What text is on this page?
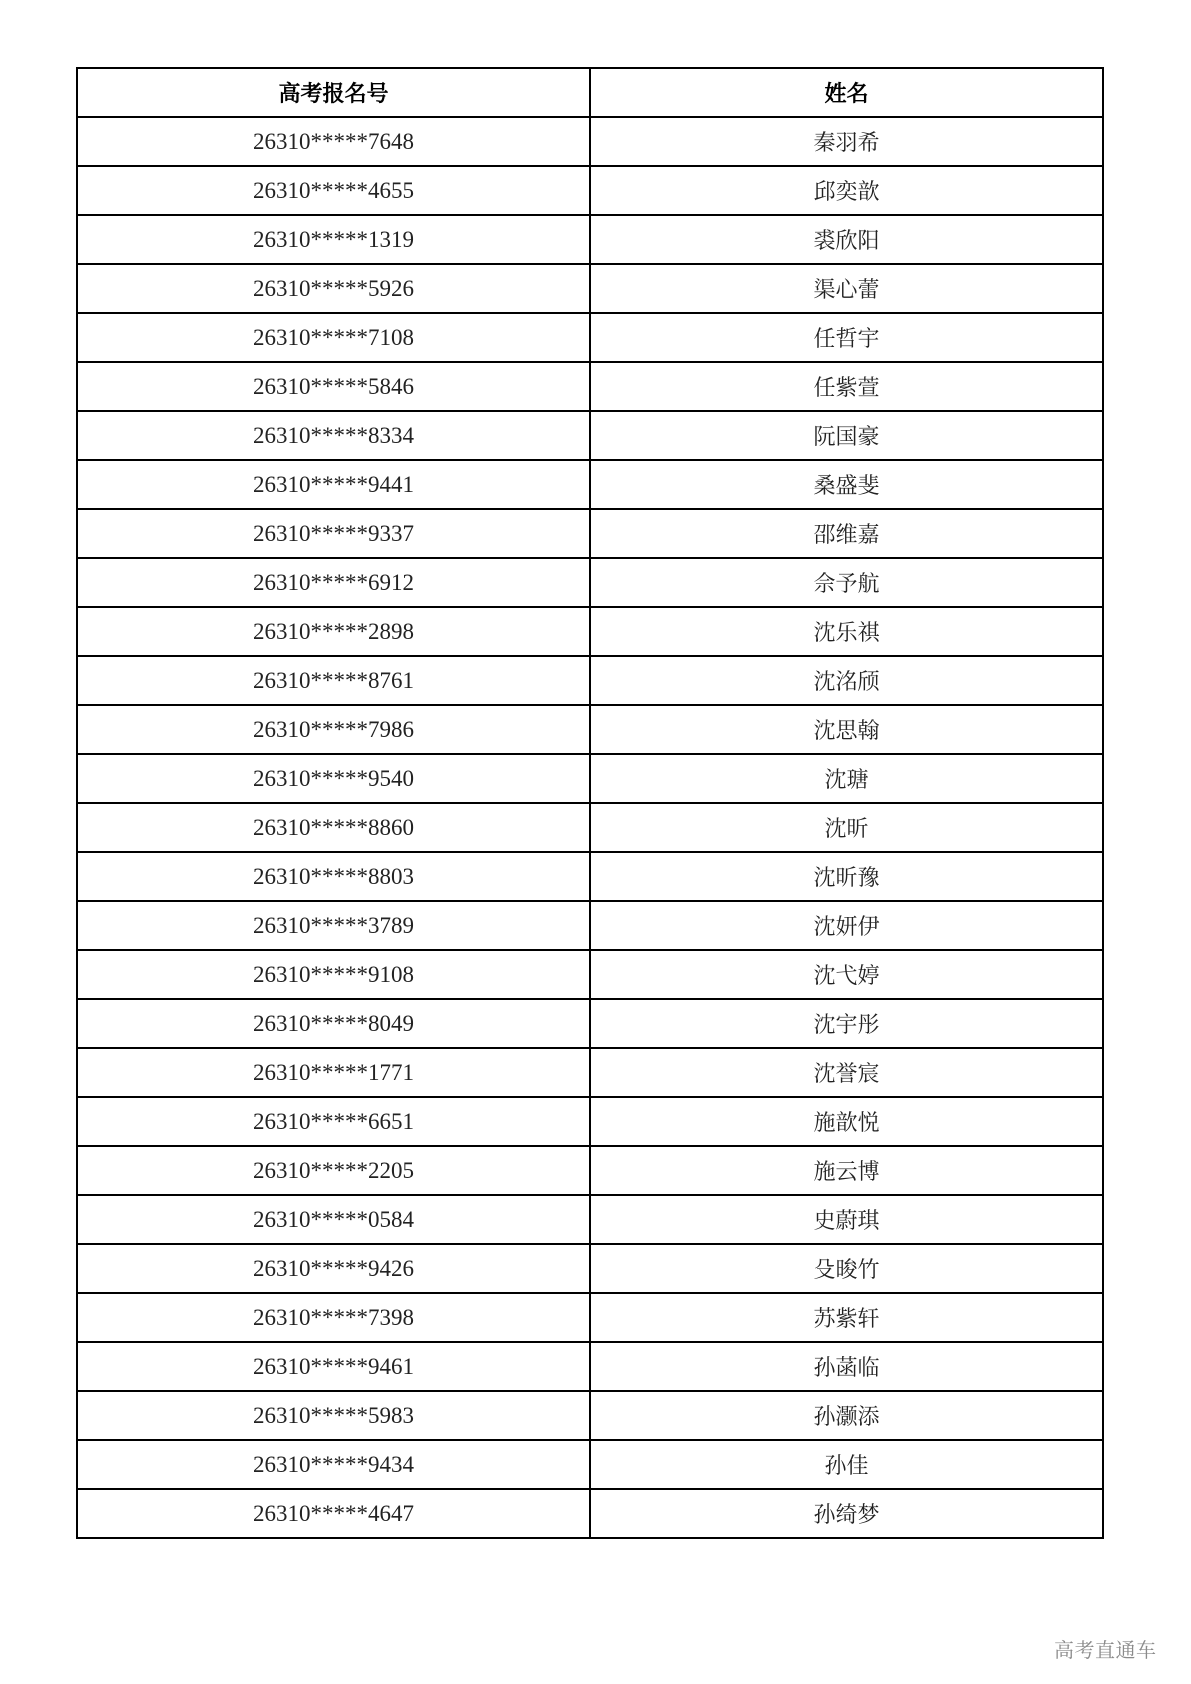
高考报名号	姓名
26310*****7648	秦羽希
26310*****4655	邱奕歆
26310*****1319	裘欣阳
26310*****5926	渠心蕾
26310*****7108	任哲宇
26310*****5846	任紫萱
26310*****8334	阮国豪
26310*****9441	桑盛斐
26310*****9337	邵维嘉
26310*****6912	佘予航
26310*****2898	沈乐祺
26310*****8761	沈洺颀
26310*****7986	沈思翰
26310*****9540	沈瑭
26310*****8860	沈昕
26310*****8803	沈昕豫
26310*****3789	沈妍伊
26310*****9108	沈弋婷
26310*****8049	沈宇彤
26310*****1771	沈誉宸
26310*****6651	施歆悦
26310*****2205	施云博
26310*****0584	史蔚琪
26310*****9426	殳晙竹
26310*****7398	苏紫轩
26310*****9461	孙菡临
26310*****5983	孙灏添
26310*****9434	孙佳
26310*****4647	孙绮梦
高考直通车
